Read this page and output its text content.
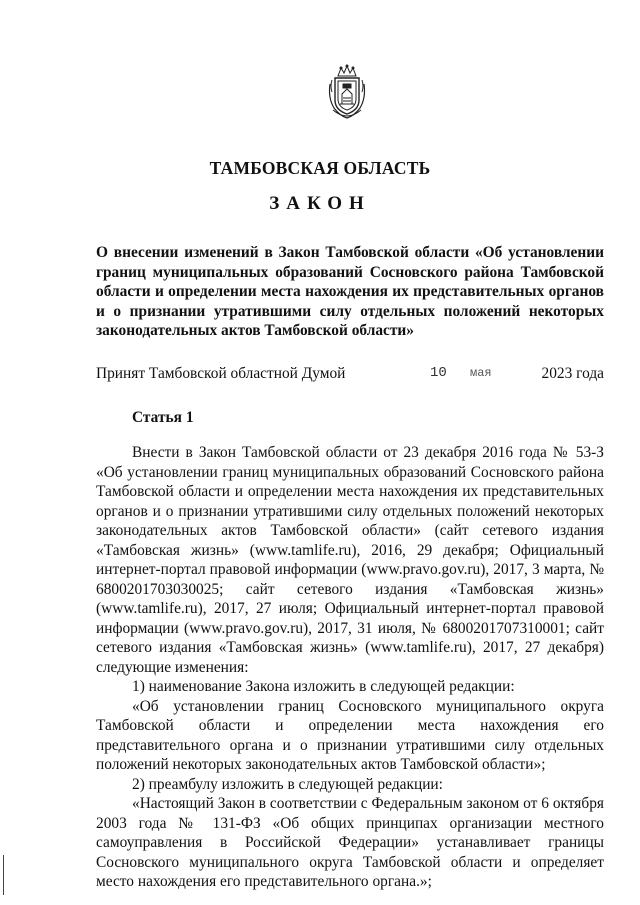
ТАМБОВСКАЯ ОБЛАСТЬ
ЗАКОН
О внесении изменений в Закон Тамбовской области «Об установлении границ муниципальных образований Сосновского района Тамбовской области и определении места нахождения их представительных органов и о признании утратившими силу отдельных положений некоторых законодательных актов Тамбовской области»
Принят Тамбовской областной Думой	10 мая	2023 года
Статья 1

Внести в Закон Тамбовской области от 23 декабря 2016 года № 53-З «Об установлении границ муниципальных образований Сосновского района Тамбовской области и определении места нахождения их представительных органов и о признании утратившими силу отдельных положений некоторых законодательных актов Тамбовской области» (сайт сетевого издания «Тамбовская жизнь» (www.tamlife.ru), 2016, 29 декабря; Официальный интернет-портал правовой информации (www.pravo.gov.ru), 2017, 3 марта, № 6800201703030025; сайт сетевого издания «Тамбовская жизнь» (www.tamlife.ru), 2017, 27 июля; Официальный интернет-портал правовой информации (www.pravo.gov.ru), 2017, 31 июля, № 6800201707310001; сайт сетевого издания «Тамбовская жизнь» (www.tamlife.ru), 2017, 27 декабря) следующие изменения:

1) наименование Закона изложить в следующей редакции:

«Об установлении границ Сосновского муниципального округа Тамбовской области и определении места нахождения его представительного органа и о признании утратившими силу отдельных положений некоторых законодательных актов Тамбовской области»;

2) преамбулу изложить в следующей редакции:

«Настоящий Закон в соответствии с Федеральным законом от 6 октября 2003 года № 131-ФЗ «Об общих принципах организации местного самоуправления в Российской Федерации» устанавливает границы Сосновского муниципального округа Тамбовской области и определяет место нахождения его представительного органа.»;
